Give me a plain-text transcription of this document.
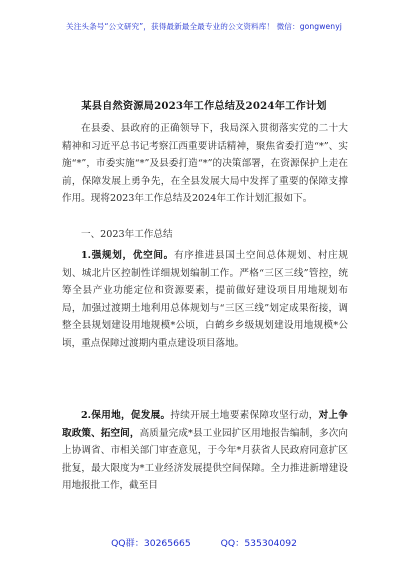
关注头条号“公文研究”，获得最新最全最专业的公文资料库！ 微信：gongwenyj
某县自然资源局2023年工作总结及2024年工作计划
在县委、县政府的正确领导下，我局深入贯彻落实党的二十大精神和习近平总书记考察江西重要讲话精神，聚焦省委打造“*”、实施“*”，市委实施“*”及县委打造“*”的决策部署，在资源保护上走在前，保障发展上勇争先，在全县发展大局中发挥了重要的保障支撑作用。现将2023年工作总结及2024年工作计划汇报如下。
一、2023年工作总结
1.强规划，优空间。有序推进县国土空间总体规划、村庄规划、城北片区控制性详细规划编制工作。严格“三区三线”管控，统筹全县产业功能定位和资源要素，提前做好建设项目用地规划布局，加强过渡期土地利用总体规划与“三区三线”划定成果衔接，调整全县规划建设用地规模*公顷，白鹤乡乡级规划建设用地规模*公顷，重点保障过渡期内重点建设项目落地。
2.保用地，促发展。持续开展土地要素保障攻坚行动，对上争取政策、拓空间，高质量完成*县工业园扩区用地报告编制，多次向上协调省、市相关部门审查意见，于今年*月获省人民政府同意扩区批复，最大限度为*工业经济发展提供空间保障。全力推进新增建设用地报批工作，截至目
QQ群：30265665	QQ：535304092
